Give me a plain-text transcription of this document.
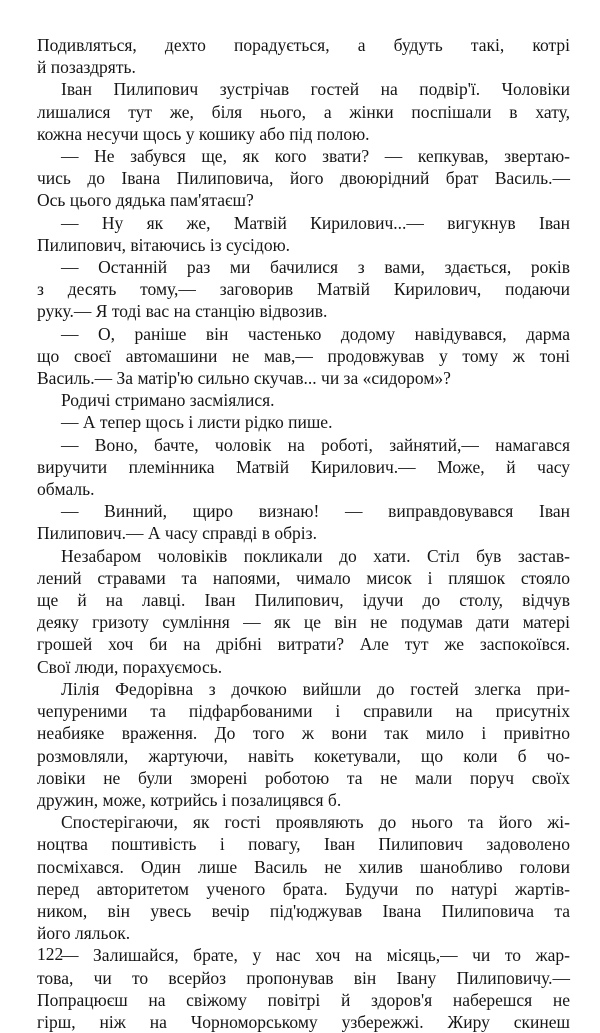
Подивляться, дехто порадується, а будуть такі, котрі
й позаздрять.
Іван Пилипович зустрічав гостей на подвір'ї. Чоловіки
лишалися тут же, біля нього, а жінки поспішали в хату,
кожна несучи щось у кошику або під полою.
— Не забувся ще, як кого звати? — кепкував, звертаю-
чись до Івана Пилиповича, його двоюрідний брат Василь.—
Ось цього дядька пам'ятаєш?
— Ну як же, Матвій Кирилович...— вигукнув Іван
Пилипович, вітаючись із сусідою.
— Останній раз ми бачилися з вами, здається, років
з десять тому,— заговорив Матвій Кирилович, подаючи
руку.— Я тоді вас на станцію відвозив.
— О, раніше він частенько додому навідувався, дарма
що своєї автомашини не мав,— продовжував у тому ж тоні
Василь.— За матір'ю сильно скучав... чи за «сидором»?
Родичі стримано засміялися.
— А тепер щось і листи рідко пише.
— Воно, бачте, чоловік на роботі, зайнятий,— намагався
виручити племінника Матвій Кирилович.— Може, й часу
обмаль.
— Винний, щиро визнаю! — виправдовувався Іван
Пилипович.— А часу справді в обріз.
Незабаром чоловіків покликали до хати. Стіл був застав-
лений стравами та напоями, чимало мисок і пляшок стояло
ще й на лавці. Іван Пилипович, ідучи до столу, відчув
деяку гризоту сумління — як це він не подумав дати матері
грошей хоч би на дрібні витрати? Але тут же заспокоївся.
Свої люди, порахуємось.
Лілія Федорівна з дочкою вийшли до гостей злегка при-
чепуреними та підфарбованими і справили на присутніх
неабияке враження. До того ж вони так мило і привітно
розмовляли, жартуючи, навіть кокетували, що коли б чо-
ловіки не були зморені роботою та не мали поруч своїх
дружин, може, котрийсь і позалицявся б.
Спостерігаючи, як гості проявляють до нього та його жі-
ноцтва поштивість і повагу, Іван Пилипович задоволено
посміхався. Один лише Василь не хилив шанобливо голови
перед авторитетом ученого брата. Будучи по натурі жартів-
ником, він увесь вечір під'юджував Івана Пилиповича та
його ляльок.
— Залишайся, брате, у нас хоч на місяць,— чи то жар-
това, чи то всерйоз пропонував він Івану Пилиповичу.—
Попрацюєш на свіжому повітрі й здоров'я наберешся не
гірш, ніж на Чорноморському узбережжі. Жиру скинеш
122
